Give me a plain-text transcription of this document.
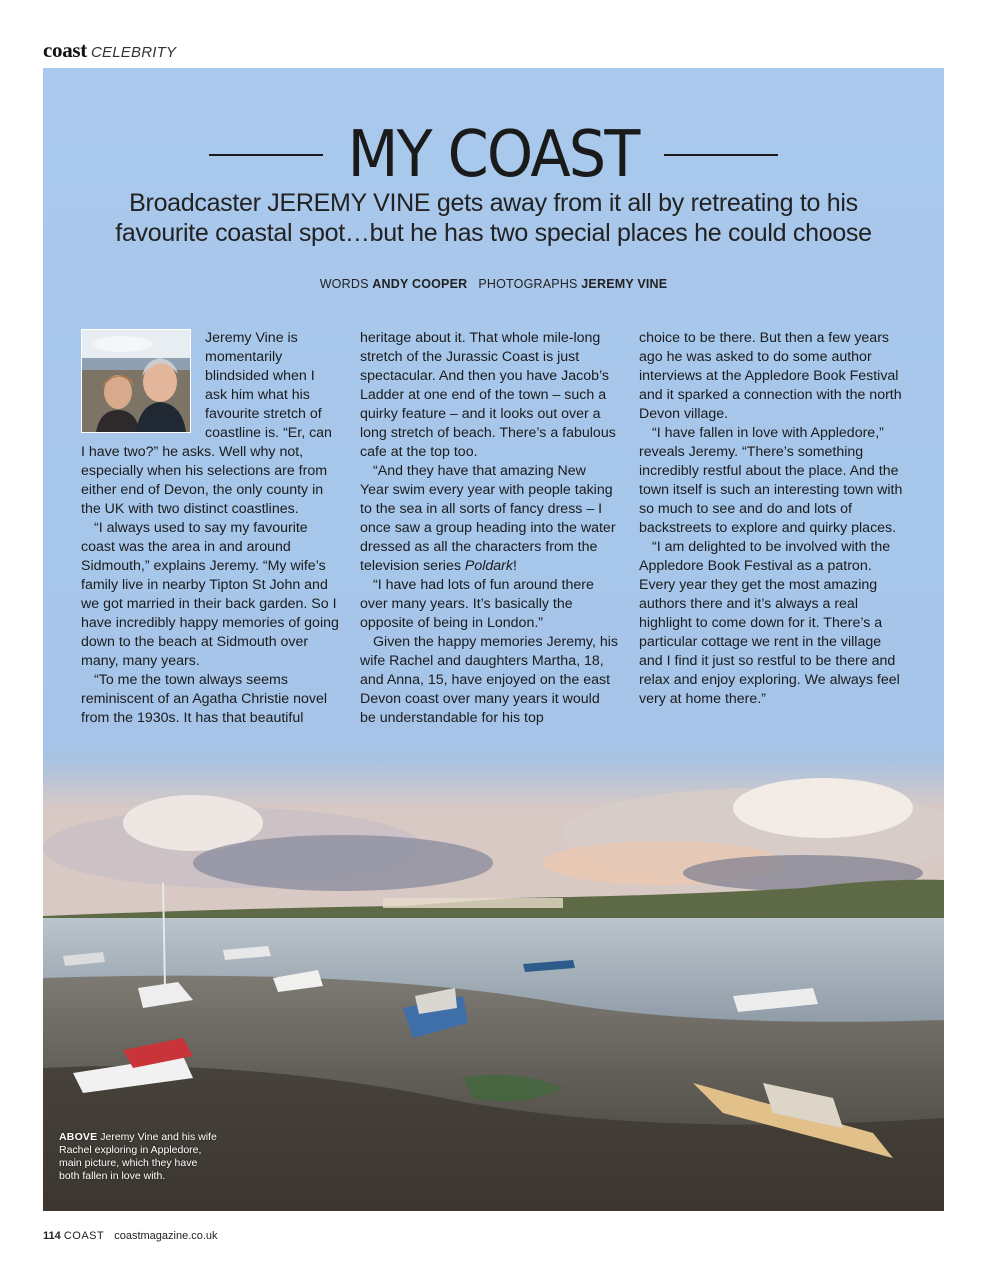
coast CELEBRITY
MY COAST
Broadcaster JEREMY VINE gets away from it all by retreating to his favourite coastal spot…but he has two special places he could choose
WORDS ANDY COOPER PHOTOGRAPHS JEREMY VINE

Jeremy Vine is momentarily blindsided when I ask him what his favourite stretch of coastline is. “Er, can I have two?” he asks. Well why not, especially when his selections are from either end of Devon, the only county in the UK with two distinct coastlines.

“I always used to say my favourite coast was the area in and around Sidmouth,” explains Jeremy. “My wife’s family live in nearby Tipton St John and we got married in their back garden. So I have incredibly happy memories of going down to the beach at Sidmouth over many, many years.

“To me the town always seems reminiscent of an Agatha Christie novel from the 1930s. It has that beautiful

heritage about it. That whole mile-long stretch of the Jurassic Coast is just spectacular. And then you have Jacob’s Ladder at one end of the town – such a quirky feature – and it looks out over a long stretch of beach. There’s a fabulous cafe at the top too.

“And they have that amazing New Year swim every year with people taking to the sea in all sorts of fancy dress – I once saw a group heading into the water dressed as all the characters from the television series Poldark!

“I have had lots of fun around there over many years. It’s basically the opposite of being in London.”

Given the happy memories Jeremy, his wife Rachel and daughters Martha, 18, and Anna, 15, have enjoyed on the east Devon coast over many years it would be understandable for his top

choice to be there. But then a few years ago he was asked to do some author interviews at the Appledore Book Festival and it sparked a connection with the north Devon village.

“I have fallen in love with Appledore,” reveals Jeremy. “There’s something incredibly restful about the place. And the town itself is such an interesting town with so much to see and do and lots of backstreets to explore and quirky places.

“I am delighted to be involved with the Appledore Book Festival as a patron. Every year they get the most amazing authors there and it’s always a real highlight to come down for it. There’s a particular cottage we rent in the village and I find it just so restful to be there and relax and enjoy exploring. We always feel very at home there.”

ABOVE Jeremy Vine and his wife Rachel exploring in Appledore, main picture, which they have both fallen in love with.
114 COAST coastmagazine.co.uk
